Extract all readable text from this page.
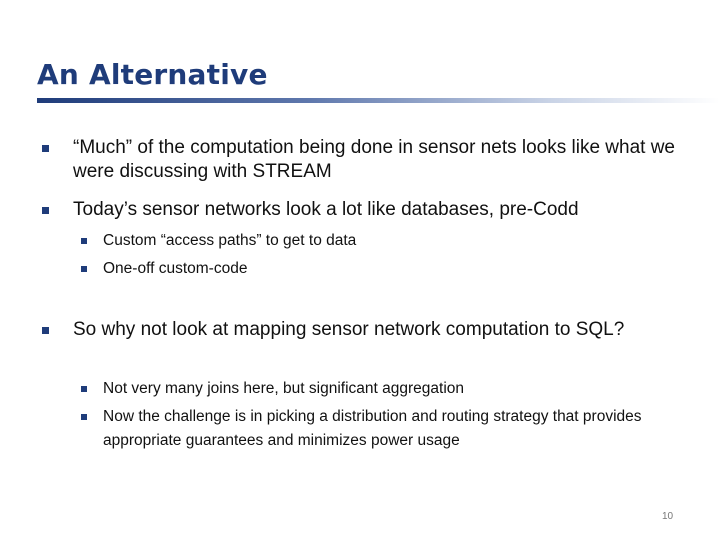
An Alternative
“Much” of the computation being done in sensor nets looks like what we were discussing with STREAM
Today’s sensor networks look a lot like databases, pre-Codd
Custom “access paths” to get to data
One-off custom-code
So why not look at mapping sensor network computation to SQL?
Not very many joins here, but significant aggregation
Now the challenge is in picking a distribution and routing strategy that provides appropriate guarantees and minimizes power usage
10
